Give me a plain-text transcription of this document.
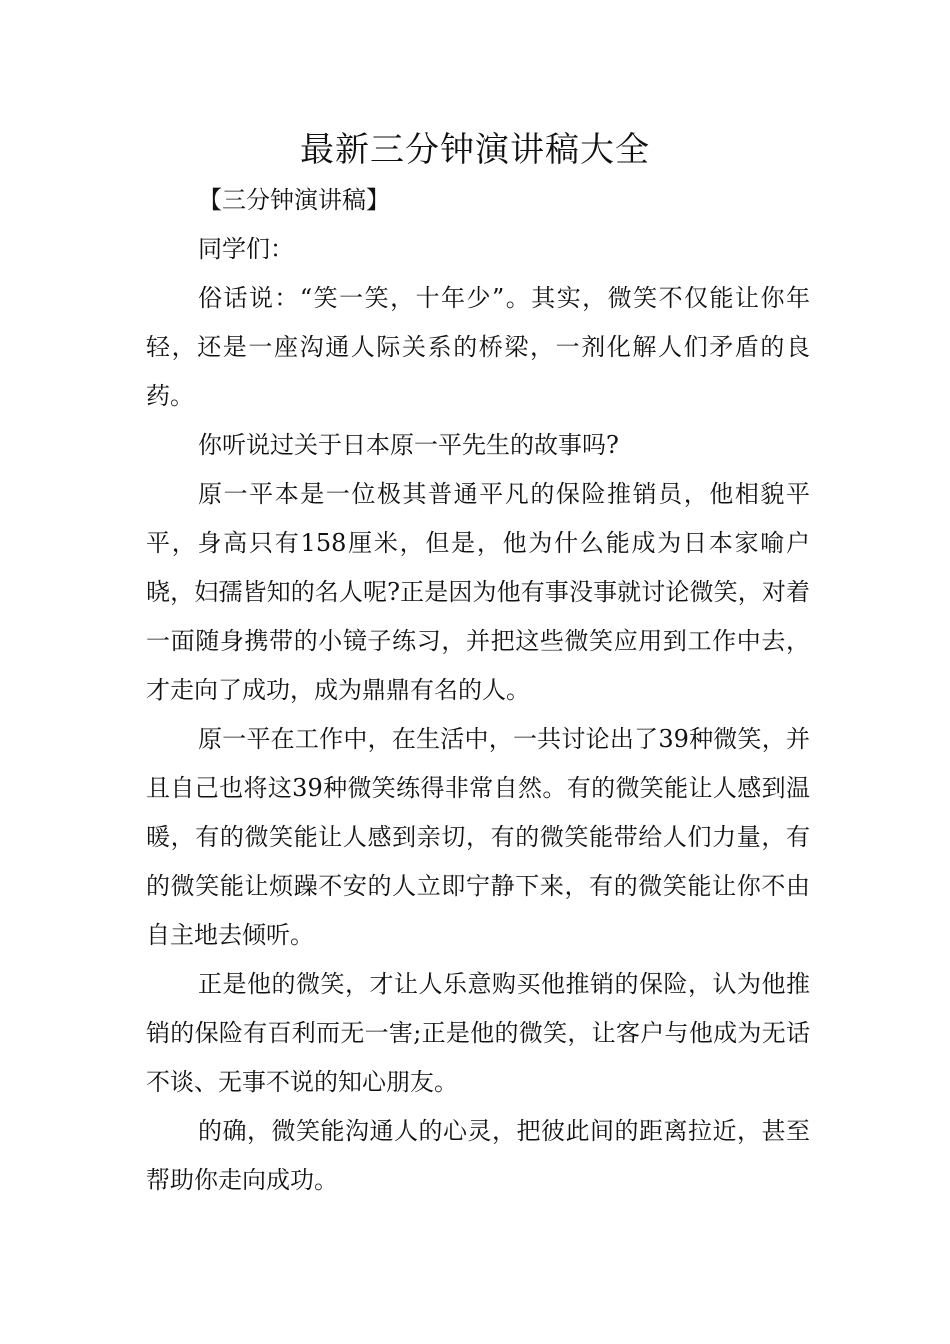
最新三分钟演讲稿大全

【三分钟演讲稿】

同学们：

俗话说：“笑一笑，十年少”。其实，微笑不仅能让你年轻，还是一座沟通人际关系的桥梁，一剂化解人们矛盾的良药。

你听说过关于日本原一平先生的故事吗?

原一平本是一位极其普通平凡的保险推销员，他相貌平平，身高只有158厘米，但是，他为什么能成为日本家喻户晓，妇孺皆知的名人呢?正是因为他有事没事就讨论微笑，对着一面随身携带的小镜子练习，并把这些微笑应用到工作中去，才走向了成功，成为鼎鼎有名的人。

原一平在工作中，在生活中，一共讨论出了39种微笑，并且自己也将这39种微笑练得非常自然。有的微笑能让人感到温暖，有的微笑能让人感到亲切，有的微笑能带给人们力量，有的微笑能让烦躁不安的人立即宁静下来，有的微笑能让你不由自主地去倾听。

正是他的微笑，才让人乐意购买他推销的保险，认为他推销的保险有百利而无一害;正是他的微笑，让客户与他成为无话不谈、无事不说的知心朋友。

的确，微笑能沟通人的心灵，把彼此间的距离拉近，甚至帮助你走向成功。
